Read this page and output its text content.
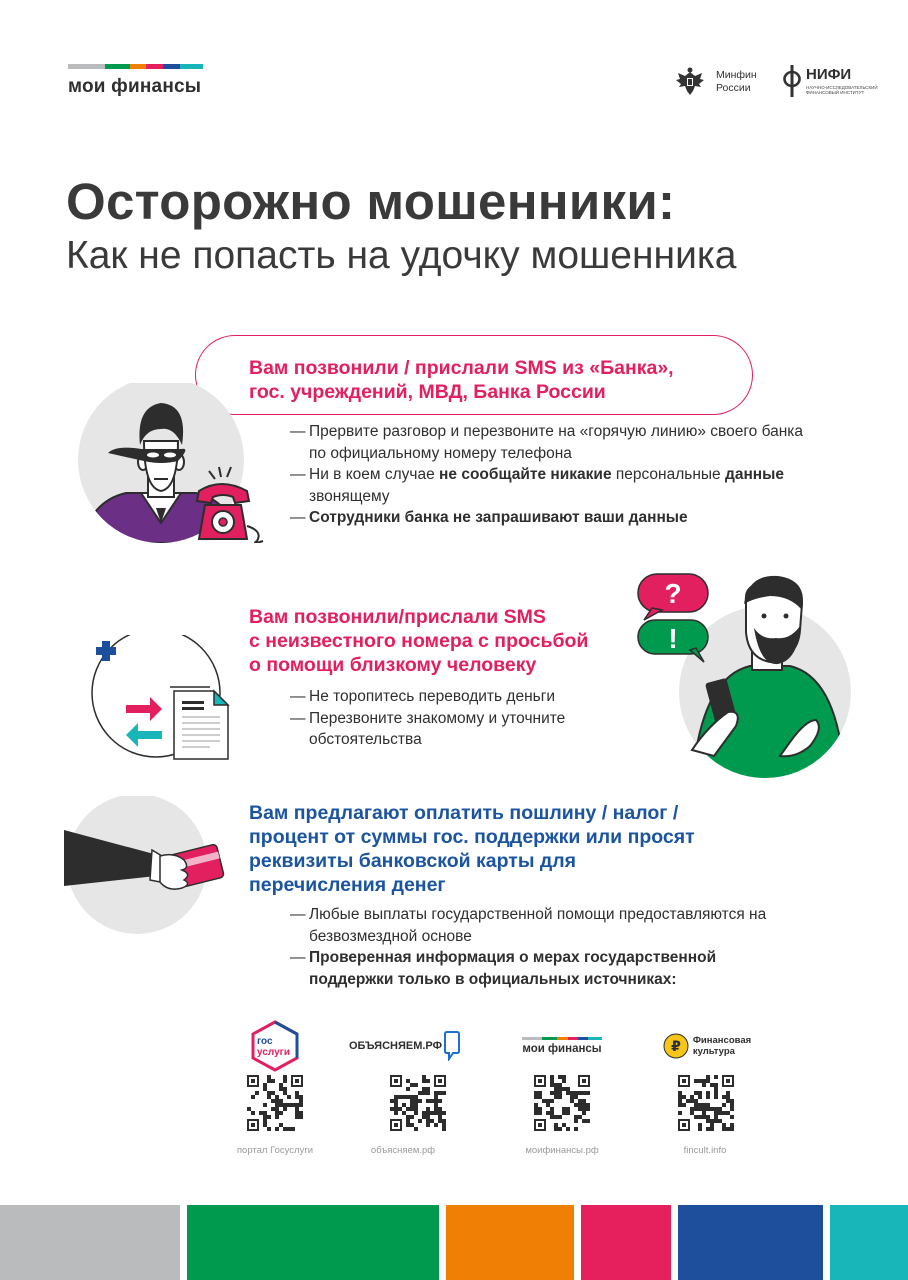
мои финансы
Минфин
России
НИФИ
НАУЧНО-ИССЛЕДОВАТЕЛЬСКИЙ ФИНАНСОВЫЙ ИНСТИТУТ
Осторожно мошенники:
Как не попасть на удочку мошенника
Вам позвонили / прислали SMS из «Банка»,
гос. учреждений, МВД, Банка России
— Прервите разговор и перезвоните на «горячую линию» своего банка по официальному номеру телефона
— Ни в коем случае не сообщайте никакие персональные данные звонящему
— Сотрудники банка не запрашивают ваши данные
Вам позвонили/прислали SMS
с неизвестного номера с просьбой
о помощи близкому человеку
— Не торопитесь переводить деньги
— Перезвоните знакомому и уточните обстоятельства
?
!
Вам предлагают оплатить пошлину / налог /
процент от суммы гос. поддержки или просят
реквизиты банковской карты для
перечисления денег
— Любые выплаты государственной помощи предоставляются на безвозмездной основе
— Проверенная информация о мерах государственной поддержки только в официальных источниках:
гос
услуги
ОБЪЯСНЯЕМ.РФ	мои финансы	₽ Финансовая
культура
портал Госуслуги	объясняем.рф	моифинансы.рф	fincult.info
